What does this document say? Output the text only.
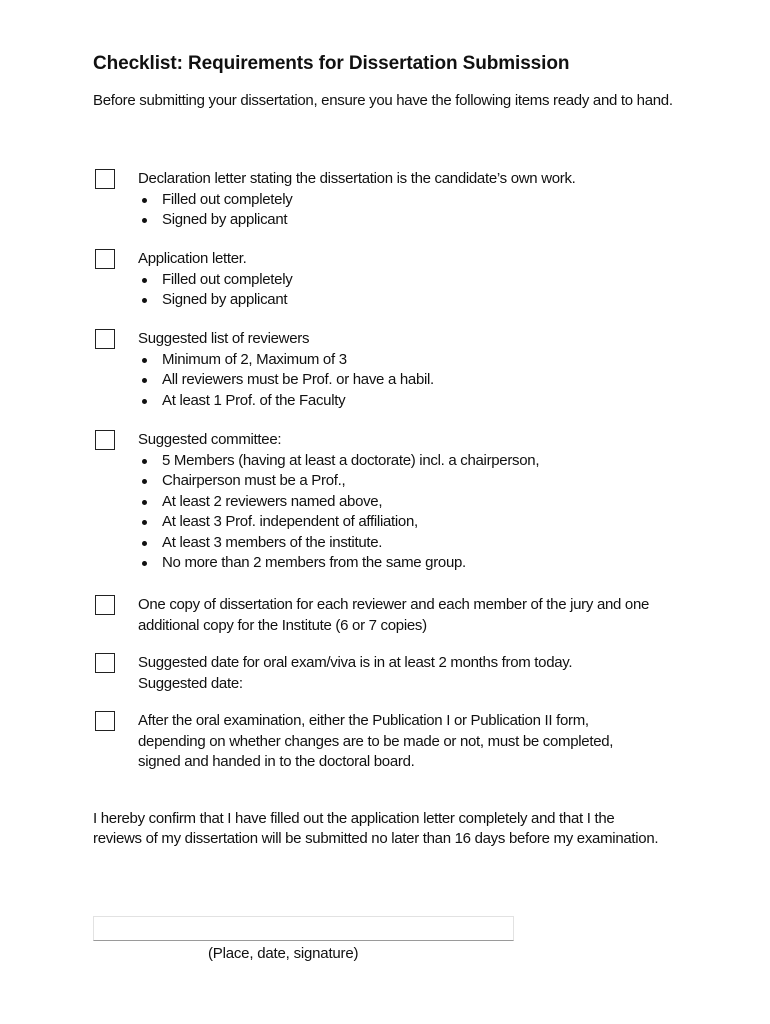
Checklist: Requirements for Dissertation Submission
Before submitting your dissertation, ensure you have the following items ready and to hand.
Declaration letter stating the dissertation is the candidate’s own work.
Filled out completely
Signed by applicant
Application letter.
Filled out completely
Signed by applicant
Suggested list of reviewers
Minimum of 2, Maximum of 3
All reviewers must be Prof. or have a habil.
At least 1 Prof. of the Faculty
Suggested committee:
5 Members (having at least a doctorate) incl. a chairperson,
Chairperson must be a Prof.,
At least 2 reviewers named above,
At least 3 Prof. independent of affiliation,
At least 3 members of the institute.
No more than 2 members from the same group.
One copy of dissertation for each reviewer and each member of the jury and one
additional copy for the Institute (6 or 7 copies)
Suggested date for oral exam/viva is in at least 2 months from today.
Suggested date:
After the oral examination, either the Publication I or Publication II form,
depending on whether changes are to be made or not, must be completed,
signed and handed in to the doctoral board.
I hereby confirm that I have filled out the application letter completely and that I the reviews of my dissertation will be submitted no later than 16 days before my examination.
(Place, date, signature)
